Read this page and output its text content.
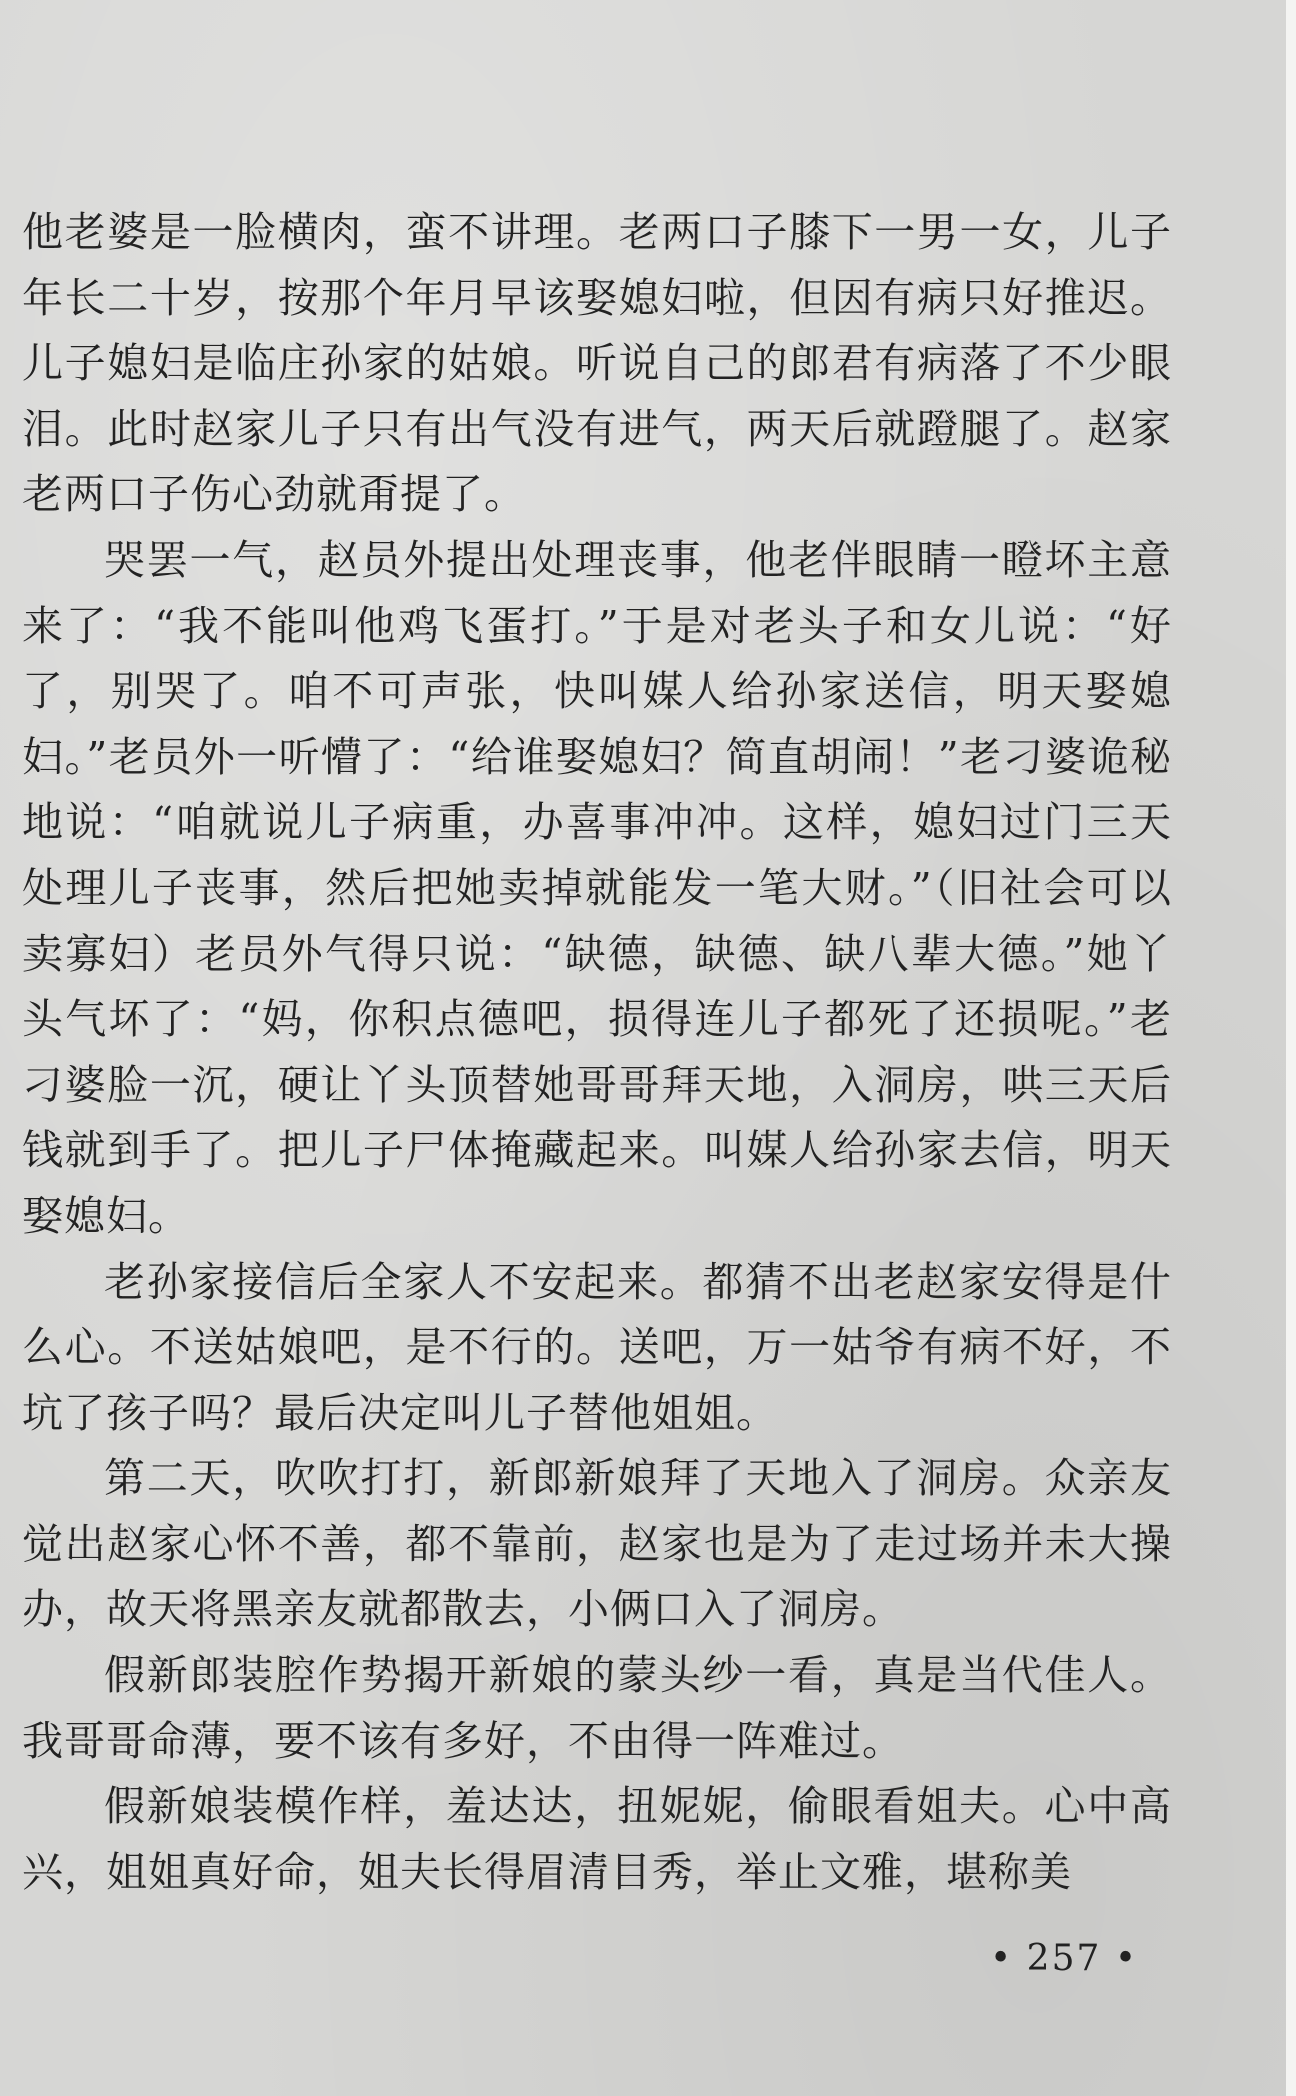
他老婆是一脸横肉，蛮不讲理。老两口子膝下一男一女，儿子年长二十岁，按那个年月早该娶媳妇啦，但因有病只好推迟。儿子媳妇是临庄孙家的姑娘。听说自己的郎君有病落了不少眼泪。此时赵家儿子只有出气没有进气，两天后就蹬腿了。赵家老两口子伤心劲就甭提了。

哭罢一气，赵员外提出处理丧事，他老伴眼睛一瞪坏主意来了：“我不能叫他鸡飞蛋打。”于是对老头子和女儿说：“好了，别哭了。咱不可声张，快叫媒人给孙家送信，明天娶媳妇。”老员外一听懵了：“给谁娶媳妇？简直胡闹！”老刁婆诡秘地说：“咱就说儿子病重，办喜事冲冲。这样，媳妇过门三天处理儿子丧事，然后把她卖掉就能发一笔大财。”（旧社会可以卖寡妇）老员外气得只说：“缺德，缺德、缺八辈大德。”她丫头气坏了：“妈，你积点德吧，损得连儿子都死了还损呢。”老刁婆脸一沉，硬让丫头顶替她哥哥拜天地，入洞房，哄三天后钱就到手了。把儿子尸体掩藏起来。叫媒人给孙家去信，明天娶媳妇。

老孙家接信后全家人不安起来。都猜不出老赵家安得是什么心。不送姑娘吧，是不行的。送吧，万一姑爷有病不好，不坑了孩子吗？最后决定叫儿子替他姐姐。

第二天，吹吹打打，新郎新娘拜了天地入了洞房。众亲友觉出赵家心怀不善，都不靠前，赵家也是为了走过场并未大操办，故天将黑亲友就都散去，小俩口入了洞房。

假新郎装腔作势揭开新娘的蒙头纱一看，真是当代佳人。我哥哥命薄，要不该有多好，不由得一阵难过。

假新娘装模作样，羞达达，扭妮妮，偷眼看姐夫。心中高兴，姐姐真好命，姐夫长得眉清目秀，举止文雅，堪称美

• 257 •
